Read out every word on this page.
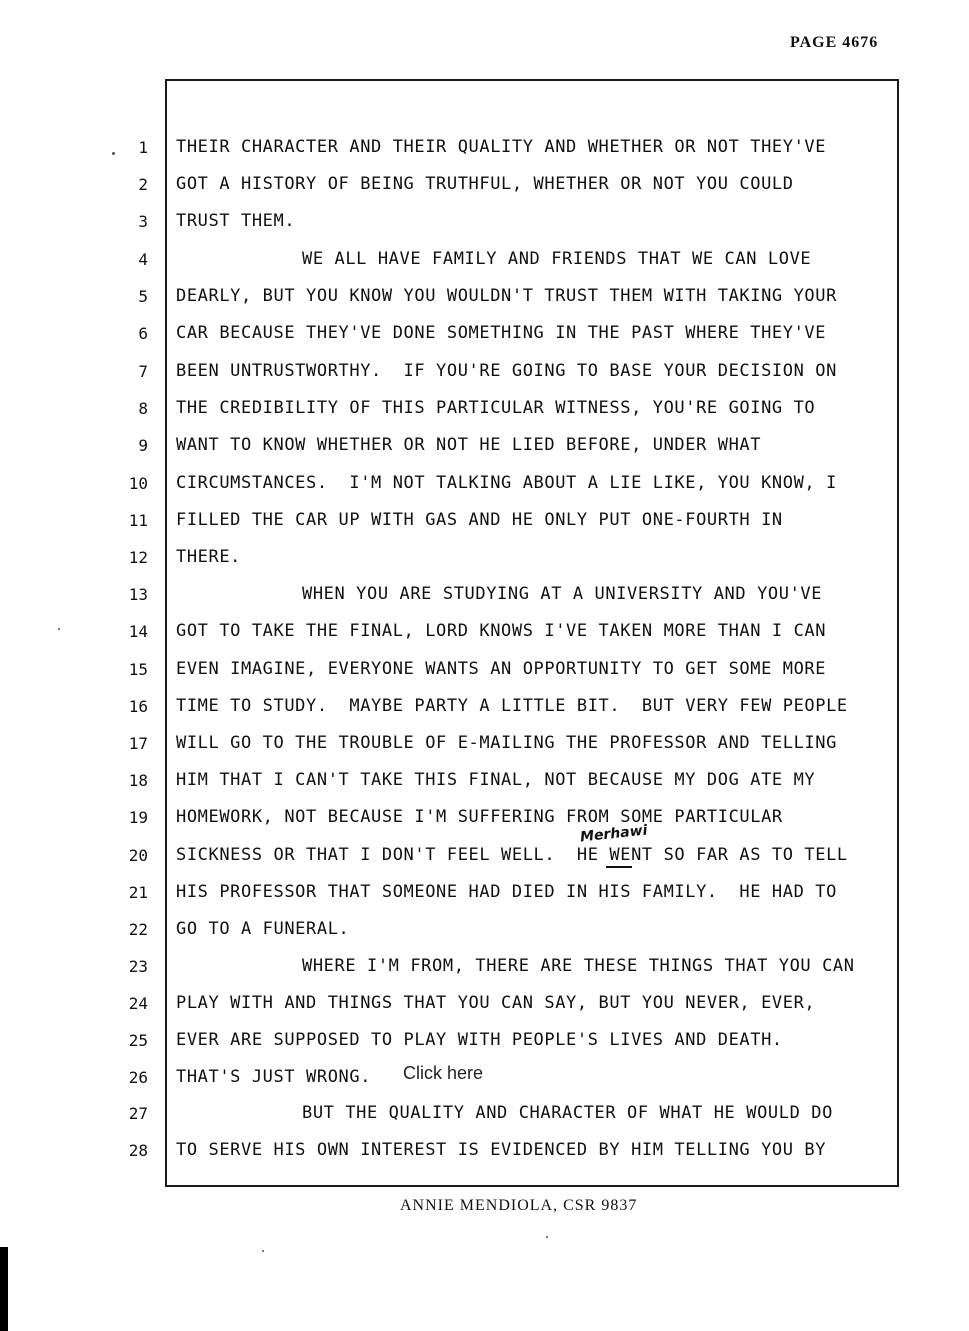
PAGE 4676
1
2
3
4
5
6
7
8
9
10
11
12
13
14
15
16
17
18
19
20
21
22
23
24
25
26
27
28
THEIR CHARACTER AND THEIR QUALITY AND WHETHER OR NOT THEY'VE
GOT A HISTORY OF BEING TRUTHFUL, WHETHER OR NOT YOU COULD
TRUST THEM.
WE ALL HAVE FAMILY AND FRIENDS THAT WE CAN LOVE
DEARLY, BUT YOU KNOW YOU WOULDN'T TRUST THEM WITH TAKING YOUR
CAR BECAUSE THEY'VE DONE SOMETHING IN THE PAST WHERE THEY'VE
BEEN UNTRUSTWORTHY.  IF YOU'RE GOING TO BASE YOUR DECISION ON
THE CREDIBILITY OF THIS PARTICULAR WITNESS, YOU'RE GOING TO
WANT TO KNOW WHETHER OR NOT HE LIED BEFORE, UNDER WHAT
CIRCUMSTANCES.  I'M NOT TALKING ABOUT A LIE LIKE, YOU KNOW, I
FILLED THE CAR UP WITH GAS AND HE ONLY PUT ONE-FOURTH IN
THERE.
WHEN YOU ARE STUDYING AT A UNIVERSITY AND YOU'VE
GOT TO TAKE THE FINAL, LORD KNOWS I'VE TAKEN MORE THAN I CAN
EVEN IMAGINE, EVERYONE WANTS AN OPPORTUNITY TO GET SOME MORE
TIME TO STUDY.  MAYBE PARTY A LITTLE BIT.  BUT VERY FEW PEOPLE
WILL GO TO THE TROUBLE OF E-MAILING THE PROFESSOR AND TELLING
HIM THAT I CAN'T TAKE THIS FINAL, NOT BECAUSE MY DOG ATE MY
HOMEWORK, NOT BECAUSE I'M SUFFERING FROM SOME PARTICULAR
SICKNESS OR THAT I DON'T FEEL WELL.  HE WENT SO FAR AS TO TELL
HIS PROFESSOR THAT SOMEONE HAD DIED IN HIS FAMILY.  HE HAD TO
GO TO A FUNERAL.
WHERE I'M FROM, THERE ARE THESE THINGS THAT YOU CAN
PLAY WITH AND THINGS THAT YOU CAN SAY, BUT YOU NEVER, EVER,
EVER ARE SUPPOSED TO PLAY WITH PEOPLE'S LIVES AND DEATH.
THAT'S JUST WRONG.
BUT THE QUALITY AND CHARACTER OF WHAT HE WOULD DO
TO SERVE HIS OWN INTEREST IS EVIDENCED BY HIM TELLING YOU BY
Merhawi
Click here
ANNIE MENDIOLA, CSR 9837
